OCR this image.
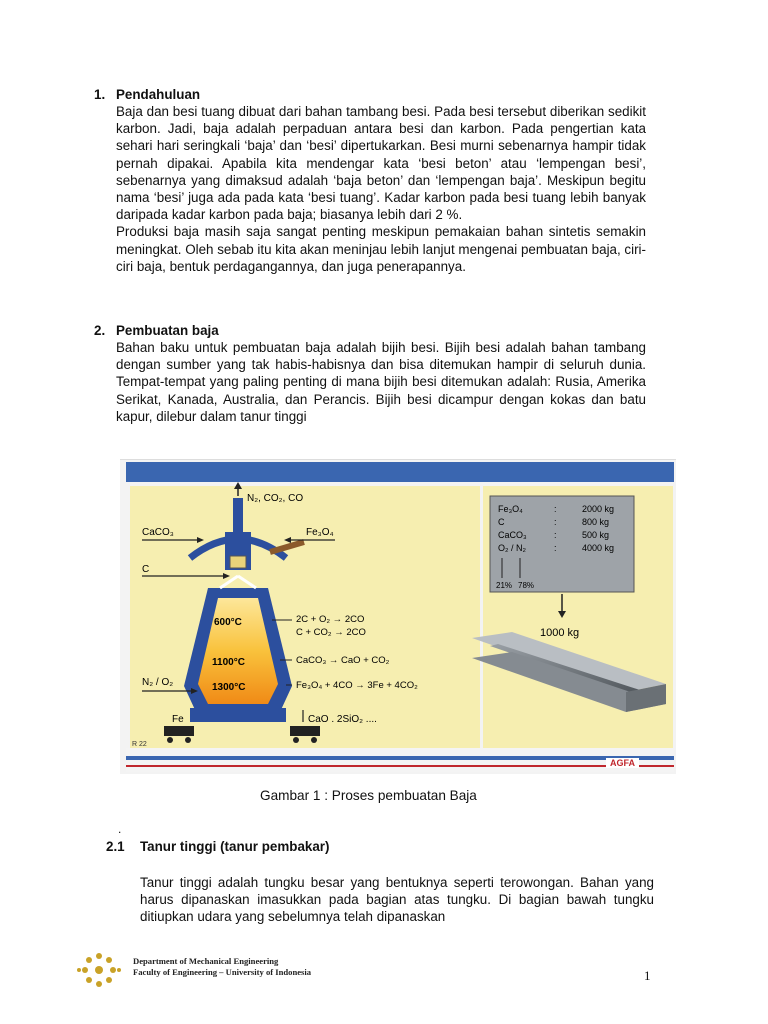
1. Pendahuluan

Baja dan besi tuang dibuat dari bahan tambang besi. Pada besi tersebut diberikan sedikit karbon. Jadi, baja adalah perpaduan antara besi dan karbon. Pada pengertian kata sehari hari seringkali ‘baja’ dan ‘besi’ dipertukarkan. Besi murni sebenarnya hampir tidak pernah dipakai. Apabila kita mendengar kata ‘besi beton’ atau ‘lempengan besi’, sebenarnya yang dimaksud adalah ‘baja beton’ dan ‘lempengan baja’. Meskipun begitu nama ‘besi’ juga ada pada kata ‘besi tuang’. Kadar karbon pada besi tuang lebih banyak daripada kadar karbon pada baja; biasanya lebih dari 2 %.

Produksi baja masih saja sangat penting meskipun pemakaian bahan sintetis semakin meningkat. Oleh sebab itu kita akan meninjau lebih lanjut mengenai pembuatan baja, ciri-ciri baja, bentuk perdagangannya, dan juga penerapannya.

2. Pembuatan baja

Bahan baku untuk pembuatan baja adalah bijih besi. Bijih besi adalah bahan tambang dengan sumber yang tak habis-habisnya dan bisa ditemukan hampir di seluruh dunia. Tempat-tempat yang paling penting di mana bijih besi ditemukan adalah: Rusia, Amerika Serikat, Kanada, Australia, dan Perancis. Bijih besi dicampur dengan kokas dan batu kapur, dilebur dalam tanur tinggi

R 22
AGFA
N₂, CO₂, CO
CaCO₃
C
Fe₃O₄
600°C
1100°C
1300°C
N₂ / O₂
2C + O₂ → 2CO
C + CO₂ → 2CO
CaCO₃ → CaO + CO₂
Fe₃O₄ + 4CO → 3Fe + 4CO₂
Fe	CaO . 2SiO₂ ....
Fe₃O₄	:	2000 kg
C	:	800 kg
CaCO₃	:	500 kg
O₂ / N₂	:	4000 kg
21% 78%
1000 kg
Gambar 1 : Proses pembuatan Baja
.
2.1 Tanur tinggi (tanur pembakar)
Tanur tinggi adalah tungku besar yang bentuknya seperti terowongan. Bahan yang harus dipanaskan imasukkan pada bagian atas tungku. Di bagian bawah tungku ditiupkan udara yang sebelumnya telah dipanaskan
Department of Mechanical Engineering
Faculty of Engineering – University of Indonesia	1
